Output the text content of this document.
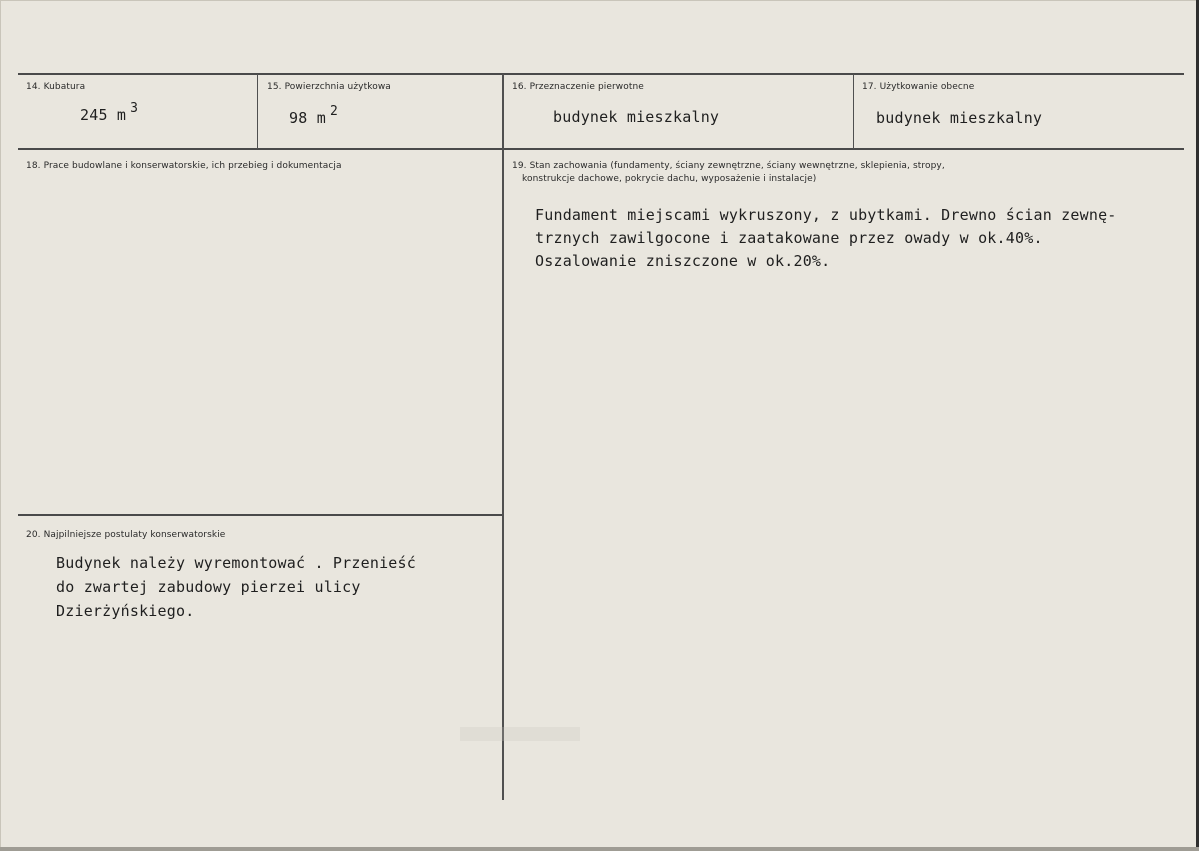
14. Kubatura
245 m 3
15. Powierzchnia użytkowa
98 m 2
16. Przeznaczenie pierwotne
budynek mieszkalny
17. Użytkowanie obecne
budynek mieszkalny
18. Prace budowlane i konserwatorskie, ich przebieg i dokumentacja	19. Stan zachowania (fundamenty, ściany zewnętrzne, ściany wewnętrzne, sklepienia, stropy,
konstrukcje dachowe, pokrycie dachu, wyposażenie i instalacje)
Fundament miejscami wykruszony, z ubytkami. Drewno ścian zewnę-
trznych zawilgocone i zaatakowane przez owady w ok.40%.
Oszalowanie zniszczone w ok.20%.
20. Najpilniejsze postulaty konserwatorskie
Budynek należy wyremontować . Przenieść
do zwartej zabudowy pierzei ulicy
Dzierżyńskiego.
